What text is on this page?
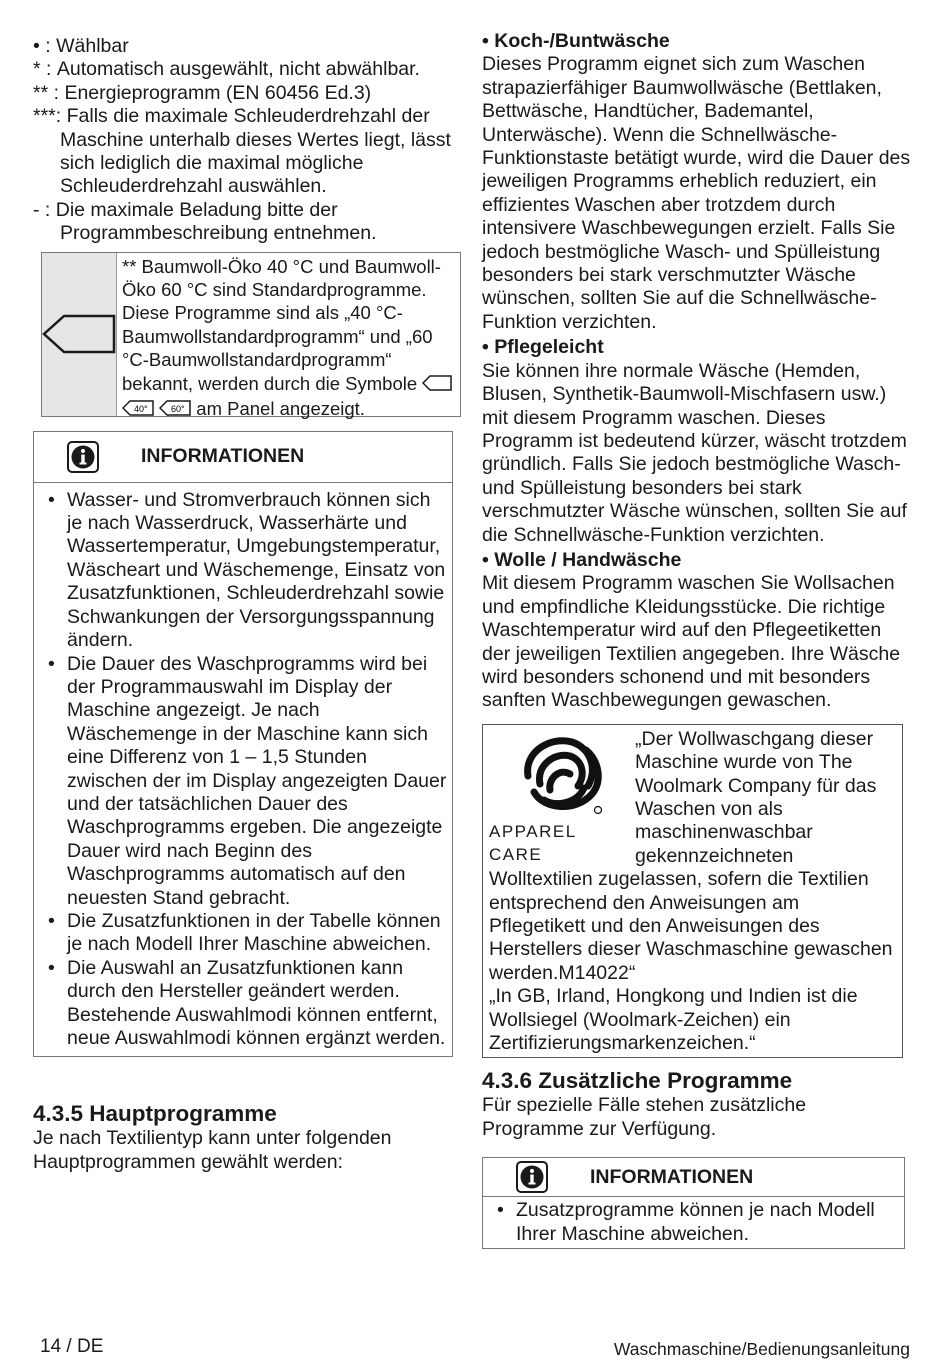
• : Wählbar
* : Automatisch ausgewählt, nicht abwählbar.
** : Energieprogramm (EN 60456 Ed.3)
***: Falls die maximale Schleuderdrehzahl der
Maschine unterhalb dieses Wertes liegt, lässt sich lediglich die maximal mögliche Schleuderdrehzahl auswählen.
- : Die maximale Beladung bitte der
Programmbeschreibung entnehmen.
** Baumwoll-Öko 40 °C und Baumwoll-Öko 60 °C sind Standardprogramme. Diese Programme sind als „40 °C-Baumwollstandardprogramm“ und „60 °C-Baumwollstandardprogramm“ bekannt, werden durch die Symbole
40°
	60° am Panel angezeigt.
INFORMATIONEN
• Wasser- und Stromverbrauch können sich je nach Wasserdruck, Wasserhärte und Wassertemperatur, Umgebungstemperatur, Wäscheart und Wäschemenge, Einsatz von Zusatzfunktionen, Schleuderdrehzahl sowie Schwankungen der Versorgungsspannung ändern.
• Die Dauer des Waschprogramms wird bei der Programmauswahl im Display der Maschine angezeigt. Je nach Wäschemenge in der Maschine kann sich eine Differenz von 1 – 1,5 Stunden zwischen der im Display angezeigten Dauer und der tatsächlichen Dauer des Waschprogramms ergeben. Die angezeigte Dauer wird nach Beginn des Waschprogramms automatisch auf den neuesten Stand gebracht.
• Die Zusatzfunktionen in der Tabelle können je nach Modell Ihrer Maschine abweichen.
• Die Auswahl an Zusatzfunktionen kann durch den Hersteller geändert werden. Bestehende Auswahlmodi können entfernt, neue Auswahlmodi können ergänzt werden.
4.3.5 Hauptprogramme
Je nach Textilientyp kann unter folgenden Hauptprogrammen gewählt werden:
• Koch-/Buntwäsche
Dieses Programm eignet sich zum Waschen strapazierfähiger Baumwollwäsche (Bettlaken, Bettwäsche, Handtücher, Bademantel, Unterwäsche). Wenn die Schnellwäsche-Funktionstaste betätigt wurde, wird die Dauer des jeweiligen Programms erheblich reduziert, ein effizientes Waschen aber trotzdem durch intensivere Waschbewegungen erzielt. Falls Sie jedoch bestmögliche Wasch- und Spülleistung besonders bei stark verschmutzter Wäsche wünschen, sollten Sie auf die Schnellwäsche-Funktion verzichten.
• Pflegeleicht
Sie können ihre normale Wäsche (Hemden, Blusen, Synthetik-Baumwoll-Mischfasern usw.) mit diesem Programm waschen. Dieses Programm ist bedeutend kürzer, wäscht trotzdem gründlich. Falls Sie jedoch bestmögliche Wasch- und Spülleistung besonders bei stark verschmutzter Wäsche wünschen, sollten Sie auf die Schnellwäsche-Funktion verzichten.
• Wolle / Handwäsche
Mit diesem Programm waschen Sie Wollsachen und empfindliche Kleidungsstücke. Die richtige Waschtemperatur wird auf den Pflegeetiketten der jeweiligen Textilien angegeben. Ihre Wäsche wird besonders schonend und mit besonders sanften Waschbewegungen gewaschen.
APPAREL CARE
„Der Wollwaschgang dieser Maschine wurde von The Woolmark Company für das Waschen von als maschinenwaschbar gekennzeichneten
Wolltextilien zugelassen, sofern die Textilien entsprechend den Anweisungen am Pflegetikett und den Anweisungen des Herstellers dieser Waschmaschine gewaschen werden.M14022“
„In GB, Irland, Hongkong und Indien ist die Wollsiegel (Woolmark-Zeichen) ein Zertifizierungsmarkenzeichen.“
4.3.6 Zusätzliche Programme
Für spezielle Fälle stehen zusätzliche Programme zur Verfügung.
INFORMATIONEN
• Zusatzprogramme können je nach Modell Ihrer Maschine abweichen.
14 / DE	Waschmaschine/Bedienungsanleitung
